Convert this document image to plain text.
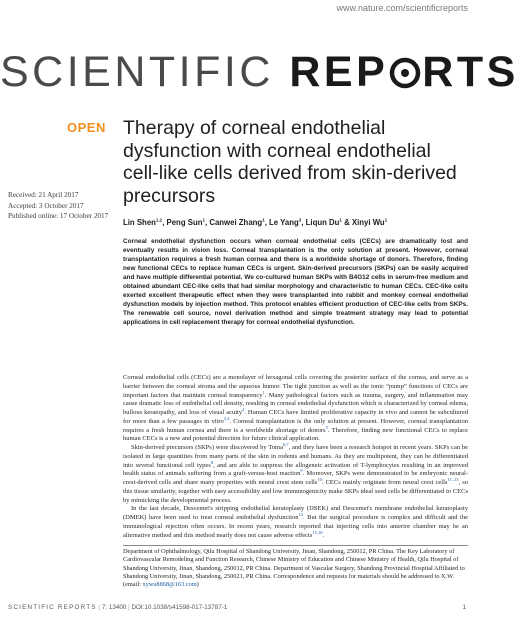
www.nature.com/scientificreports
SCIENTIFIC REP RTS
OPEN Therapy of corneal endothelial dysfunction with corneal endothelial cell-like cells derived from skin-derived precursors
Received: 21 April 2017
Accepted: 3 October 2017
Published online: 17 October 2017
Lin Shen$^{1,2}$, Peng Sun$^1$, Canwei Zhang$^1$, Le Yang$^3$, Liqun Du$^1$ & Xinyi Wu$^1$
Corneal endothelial dysfunction occurs when corneal endothelial cells (CECs) are dramatically lost and eventually results in vision loss. Corneal transplantation is the only solution at present. However, corneal transplantation requires a fresh human cornea and there is a worldwide shortage of donors. Therefore, finding new functional CECs to replace human CECs is urgent. Skin-derived precursors (SKPs) can be easily acquired and have multiple differential potential. We co-cultured human SKPs with B4G12 cells in serum-free medium and obtained abundant CEC-like cells that had similar morphology and characteristic to human CECs. CEC-like cells exerted excellent therapeutic effect when they were transplanted into rabbit and monkey corneal endothelial dysfunction models by injection method. This protocol enables efficient production of CEC-like cells from SKPs. The renewable cell source, novel derivation method and simple treatment strategy may lead to potential applications in cell replacement therapy for corneal endothelial dysfunction.

Corneal endothelial cells (CECs) are a monolayer of hexagonal cells covering the posterior surface of the cornea, and serve as a barrier between the corneal stroma and the aqueous humor. The tight junction as well as the ionic “pump” functions of CECs are important factors that maintain corneal transparency$^1$. Many pathological factors such as trauma, surgery, and inflammation may cause dramatic loss of endothelial cell density, resulting in corneal endothelial dysfunction which is characterized by corneal edema, bullous keratopathy, and loss of visual acuity$^2$. Human CECs have limited proliferative capacity in vivo and cannot be subcultured for more than a few passages in vitro$^{3,4}$. Corneal transplantation is the only solution at present. However, corneal transplantation requires a fresh human cornea and there is a worldwide shortage of donors$^5$. Therefore, finding new functional CECs to replace human CECs is a new and potential direction for future clinical application.

Skin-derived precursors (SKPs) were discovered by Toma$^{6,7}$, and they have been a research hotspot in recent years. SKPs can be isolated in large quantities from many parts of the skin in rodents and humans. As they are multipotent, they can be differentiated into several functional cell types$^8$, and are able to suppress the allogeneic activation of T-lymphocytes resulting in an improved health status of animals suffering from a graft-versus-host reaction$^9$. Moreover, SKPs were demonstrated to be embryonic neural-crest-derived cells and share many properties with neural crest stem cells$^{10}$. CECs mainly originate from neural crest cells$^{11-13}$, so this tissue similarity, together with easy accessibility and low immunogenicity make SKPs ideal seed cells be differentiated to CECs by mimicking the developmental process.

In the last decade, Descemet's stripping endothelial keratoplasty (DSEK) and Descemet's membrane endothelial keratoplasty (DMEK) have been used to treat corneal endothelial dysfunction$^{14}$. But the surgical procedure is complex and difficult and the immunological rejection often occurs. In recent years, research reported that injecting cells into anterior chamber may be an alternative method and this method nearly does not cause adverse effects$^{15,16}$.

Department of Ophthalmology, Qilu Hospital of Shandong University, Jinan, Shandong, 250012, PR China. The Key Laboratory of Cardiovascular Remodeling and Function Research, Chinese Ministry of Education and Chinese Ministry of Health, Qilu Hospital of Shandong University, Jinan, Shandong, 250012, PR China. Department of Vascular Surgery, Shandong Provincial Hospital Affiliated to Shandong University, Jinan, Shandong, 250021, PR China. Correspondence and requests for materials should be addressed to X.W. (email: xywu8868@163.com)
SCIENTIFIC REPORTS | 7: 13400 | DOI:10.1038/s41598-017-13787-1	1
